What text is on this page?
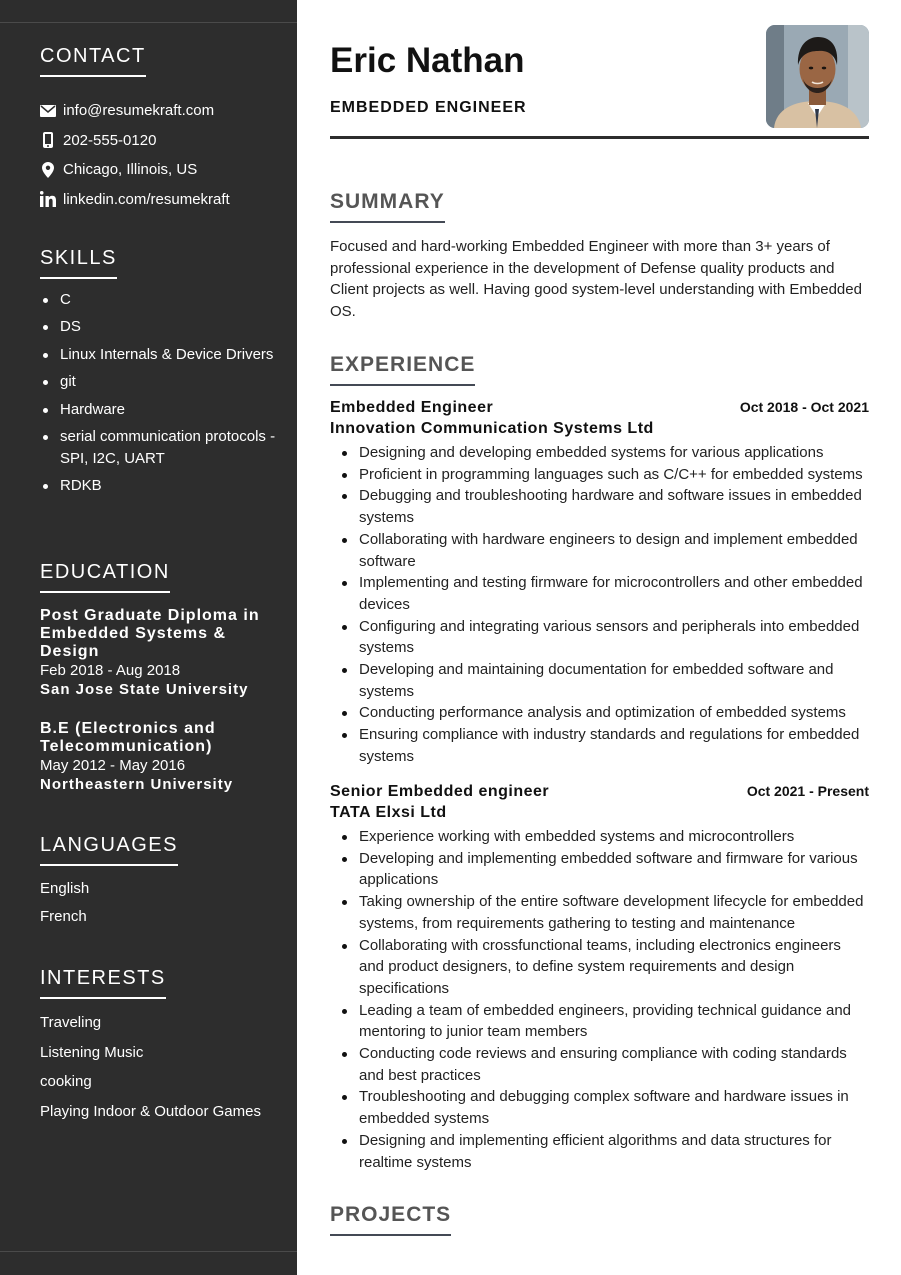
CONTACT
info@resumekraft.com
202-555-0120
Chicago, Illinois, US
linkedin.com/resumekraft
SKILLS
C
DS
Linux Internals & Device Drivers
git
Hardware
serial communication protocols - SPI, I2C, UART
RDKB
EDUCATION
Post Graduate Diploma in Embedded Systems & Design
Feb 2018 - Aug 2018
San Jose State University
B.E (Electronics and Telecommunication)
May 2012 - May 2016
Northeastern University
LANGUAGES
English
French
INTERESTS
Traveling
Listening Music
cooking
Playing Indoor & Outdoor Games
Eric Nathan
EMBEDDED ENGINEER
SUMMARY

Focused and hard-working Embedded Engineer with more than 3+ years of professional experience in the development of Defense quality products and Client projects as well. Having good system-level understanding with Embedded OS.

EXPERIENCE
Embedded Engineer	Oct 2018 - Oct 2021
Innovation Communication Systems Ltd
Designing and developing embedded systems for various applications
Proficient in programming languages such as C/C++ for embedded systems
Debugging and troubleshooting hardware and software issues in embedded systems
Collaborating with hardware engineers to design and implement embedded software
Implementing and testing firmware for microcontrollers and other embedded devices
Configuring and integrating various sensors and peripherals into embedded systems
Developing and maintaining documentation for embedded software and systems
Conducting performance analysis and optimization of embedded systems
Ensuring compliance with industry standards and regulations for embedded systems
Senior Embedded engineer	Oct 2021 - Present
TATA Elxsi Ltd
Experience working with embedded systems and microcontrollers
Developing and implementing embedded software and firmware for various applications
Taking ownership of the entire software development lifecycle for embedded systems, from requirements gathering to testing and maintenance
Collaborating with crossfunctional teams, including electronics engineers and product designers, to define system requirements and design specifications
Leading a team of embedded engineers, providing technical guidance and mentoring to junior team members
Conducting code reviews and ensuring compliance with coding standards and best practices
Troubleshooting and debugging complex software and hardware issues in embedded systems
Designing and implementing efficient algorithms and data structures for realtime systems
PROJECTS
